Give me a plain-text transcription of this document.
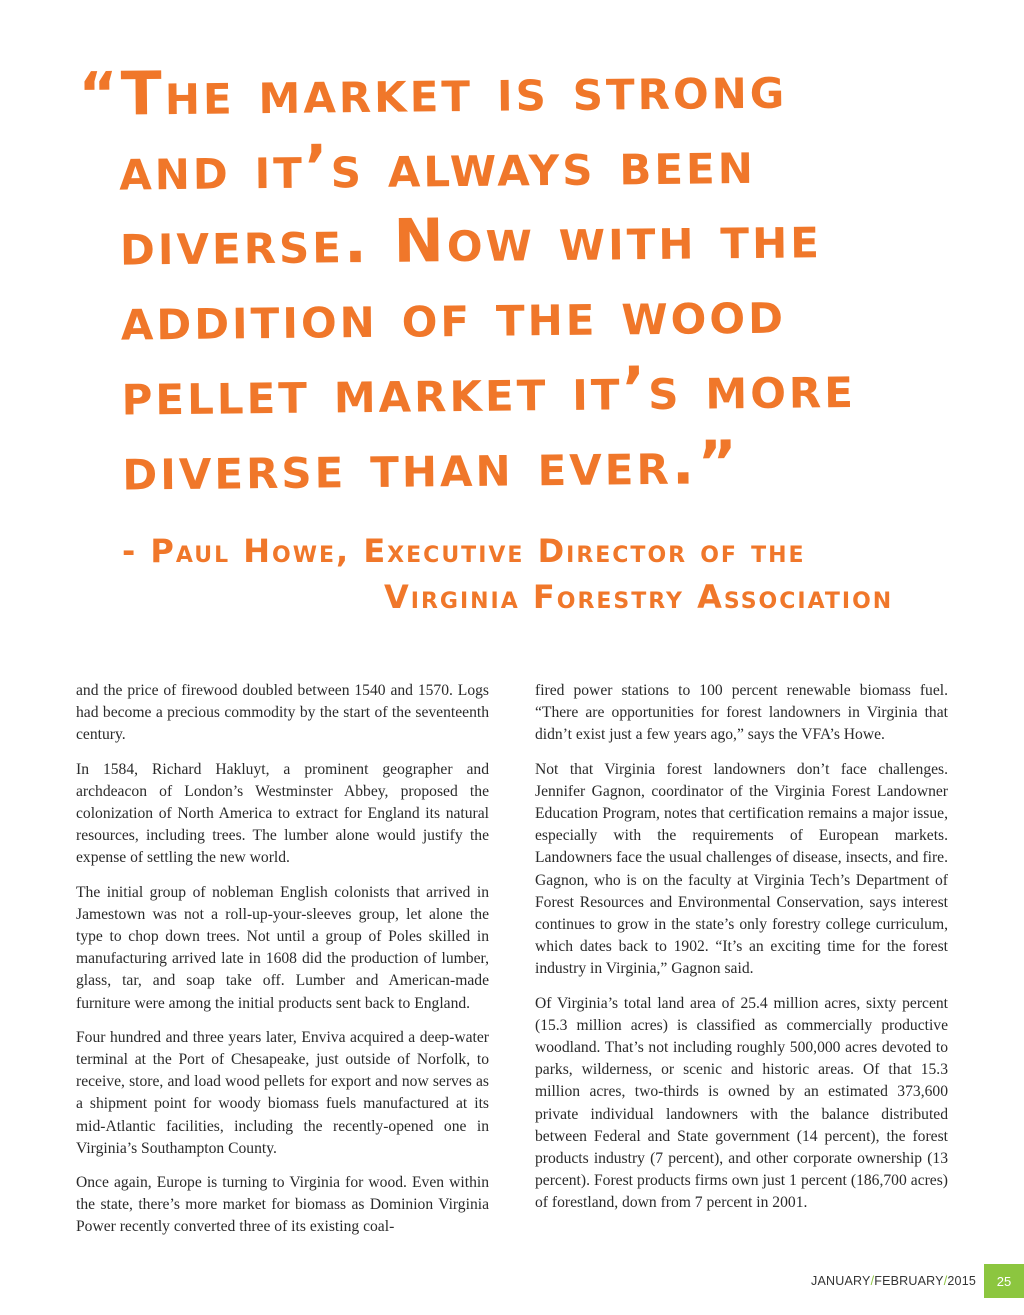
“The market is strong
and it’s always been
diverse. Now with the
addition of the wood
pellet market it’s more
diverse than ever.”
- Paul Howe, Executive Director of the
Virginia Forestry Association

and the price of firewood doubled between 1540 and 1570. Logs had become a precious commodity by the start of the seventeenth century.

In 1584, Richard Hakluyt, a prominent geographer and archdeacon of London’s Westminster Abbey, proposed the colonization of North America to extract for England its natural resources, including trees. The lumber alone would justify the expense of settling the new world.

The initial group of nobleman English colonists that arrived in Jamestown was not a roll-up-your-sleeves group, let alone the type to chop down trees. Not until a group of Poles skilled in manufacturing arrived late in 1608 did the production of lumber, glass, tar, and soap take off. Lumber and American-made furniture were among the initial products sent back to England.

Four hundred and three years later, Enviva acquired a deep-water terminal at the Port of Chesapeake, just outside of Norfolk, to receive, store, and load wood pellets for export and now serves as a shipment point for woody biomass fuels manufactured at its mid-Atlantic facilities, including the recently-opened one in Virginia’s Southampton County.

Once again, Europe is turning to Virginia for wood. Even within the state, there’s more market for biomass as Dominion Virginia Power recently converted three of its existing coal-

fired power stations to 100 percent renewable biomass fuel. “There are opportunities for forest landowners in Virginia that didn’t exist just a few years ago,” says the VFA’s Howe.

Not that Virginia forest landowners don’t face challenges. Jennifer Gagnon, coordinator of the Virginia Forest Landowner Education Program, notes that certification remains a major issue, especially with the requirements of European markets. Landowners face the usual challenges of disease, insects, and fire. Gagnon, who is on the faculty at Virginia Tech’s Department of Forest Resources and Environmental Conservation, says interest continues to grow in the state’s only forestry college curriculum, which dates back to 1902. “It’s an exciting time for the forest industry in Virginia,” Gagnon said.

Of Virginia’s total land area of 25.4 million acres, sixty percent (15.3 million acres) is classified as commercially productive woodland. That’s not including roughly 500,000 acres devoted to parks, wilderness, or scenic and historic areas. Of that 15.3 million acres, two-thirds is owned by an estimated 373,600 private individual landowners with the balance distributed between Federal and State government (14 percent), the forest products industry (7 percent), and other corporate ownership (13 percent). Forest products firms own just 1 percent (186,700 acres) of forestland, down from 7 percent in 2001.

JANUARY/FEBRUARY/2015	25
